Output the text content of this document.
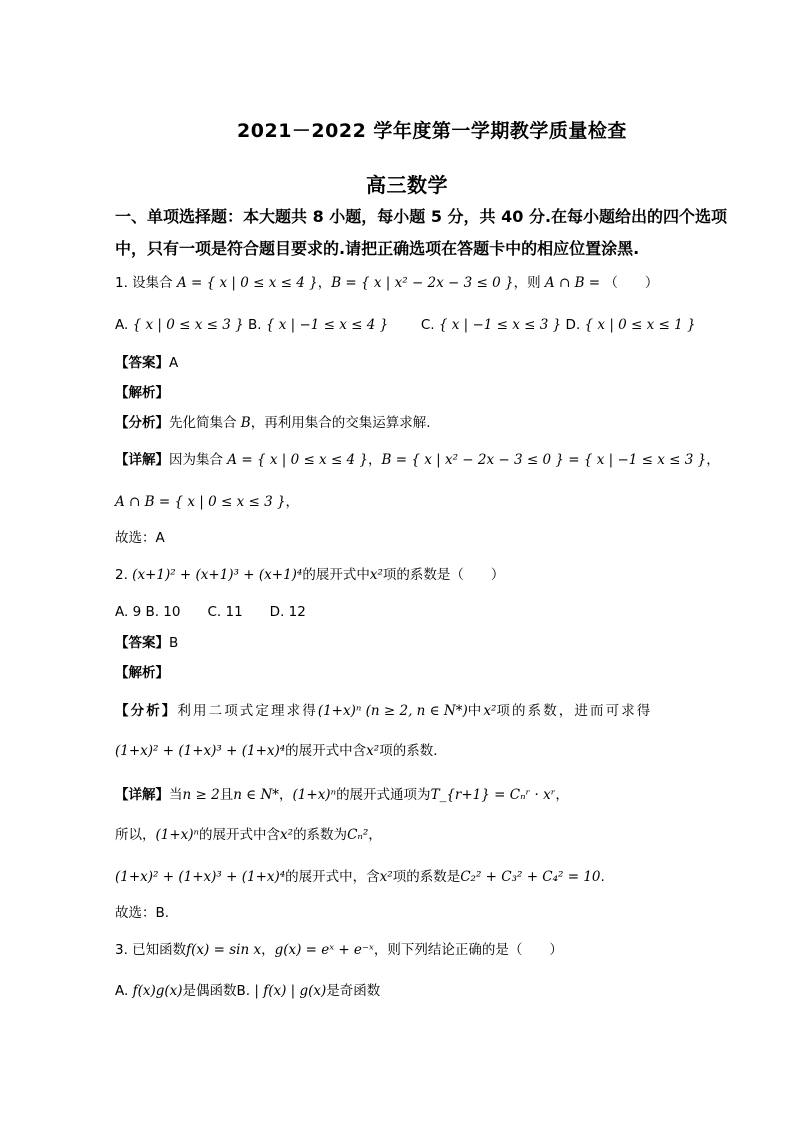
2021－2022 学年度第一学期教学质量检查
高三数学
一、单项选择题：本大题共 8 小题，每小题 5 分，共 40 分.在每小题给出的四个选项
中，只有一项是符合题目要求的.请把正确选项在答题卡中的相应位置涂黑.
1. 设集合 A = { x | 0 ≤ x ≤ 4 }，B = { x | x² − 2x − 3 ≤ 0 }，则 A ∩ B = （　　）
A. { x | 0 ≤ x ≤ 3 } B. { x | −1 ≤ x ≤ 4 } C. { x | −1 ≤ x ≤ 3 } D. { x | 0 ≤ x ≤ 1 }
【答案】A
【解析】
【分析】先化简集合 B，再利用集合的交集运算求解.
【详解】因为集合 A = { x | 0 ≤ x ≤ 4 }，B = { x | x² − 2x − 3 ≤ 0 } = { x | −1 ≤ x ≤ 3 }，
A ∩ B = { x | 0 ≤ x ≤ 3 }，
故选：A
2. (x+1)² + (x+1)³ + (x+1)⁴的展开式中x²项的系数是（　　）
A. 9 B. 10　　C. 11　　D. 12
【答案】B
【解析】
【分析】利用二项式定理求得(1+x)ⁿ (n ≥ 2, n ∈ N*)中x²项的系数，进而可求得
(1+x)² + (1+x)³ + (1+x)⁴的展开式中含x²项的系数.
【详解】当n ≥ 2且n ∈ N*，(1+x)ⁿ的展开式通项为T_{r+1} = Cₙʳ · xʳ，
所以，(1+x)ⁿ的展开式中含x²的系数为Cₙ²，
(1+x)² + (1+x)³ + (1+x)⁴的展开式中，含x²项的系数是C₂² + C₃² + C₄² = 10.
故选：B.
3. 已知函数f(x) = sin x，g(x) = eˣ + e⁻ˣ，则下列结论正确的是（　　）
A. f(x)g(x)是偶函数B. | f(x) | g(x)是奇函数
